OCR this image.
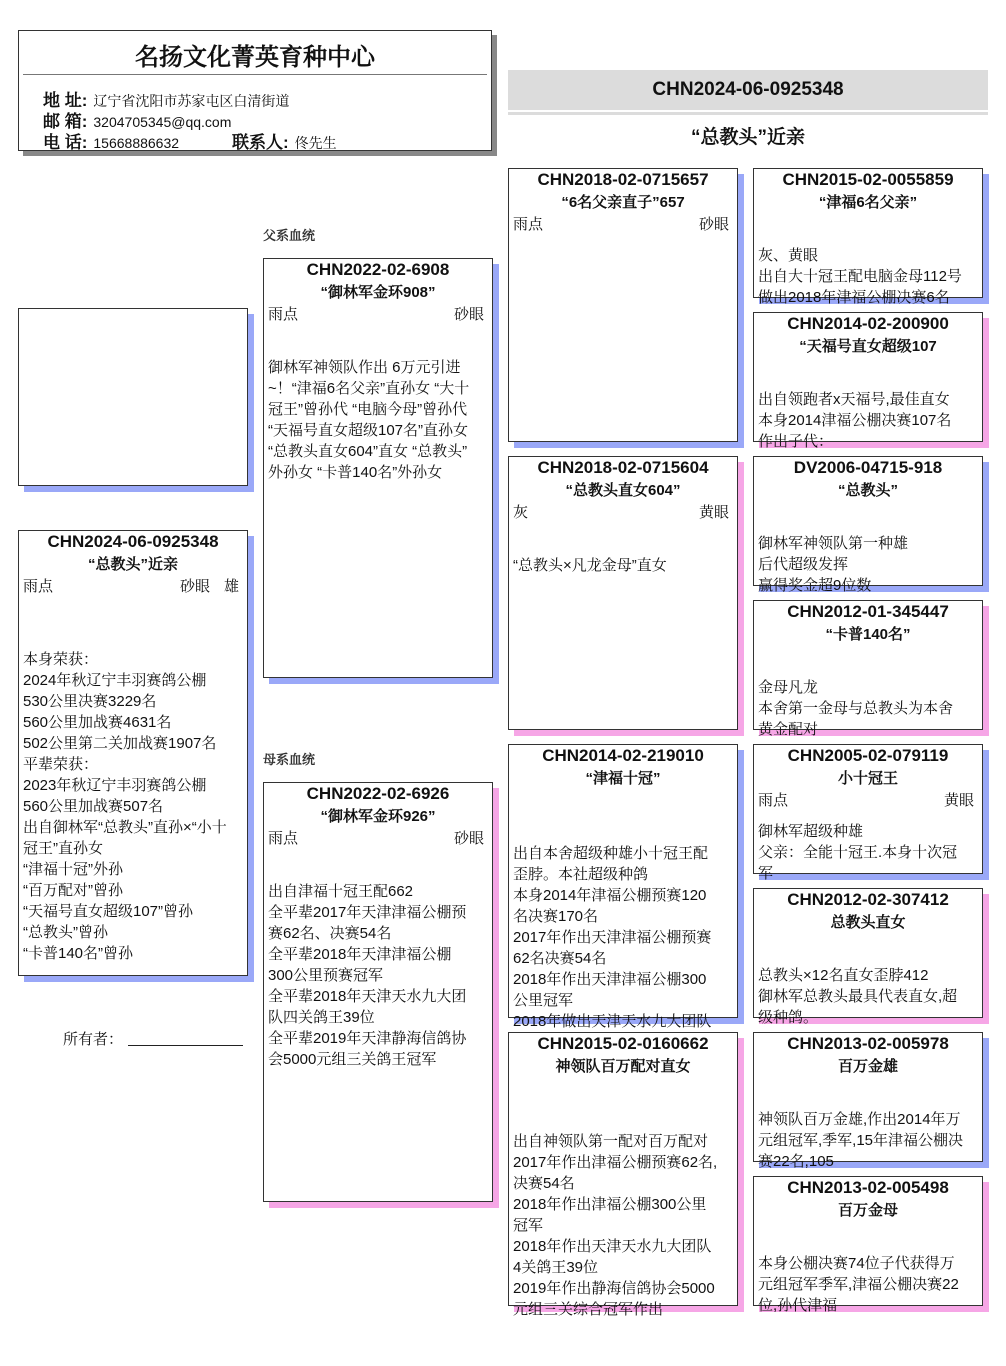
名扬文化菁英育种中心
地 址: 辽宁省沈阳市苏家屯区白清街道
邮 箱: 3204705345@qq.com
电 话: 15668886632	联系人: 佟先生
CHN2024-06-0925348
“总教头”近亲
父系血统
母系血统
所有者：
CHN2024-06-0925348
“总教头”近亲
雨点	砂眼 雄
本身荣获：
2024年秋辽宁丰羽赛鸽公棚
530公里决赛3229名
560公里加战赛4631名
502公里第二关加战赛1907名
平辈荣获：
2023年秋辽宁丰羽赛鸽公棚
560公里加战赛507名
出自御林军“总教头”直孙×“小十
冠王”直孙女
“津福十冠”外孙
“百万配对”曾孙
“天福号直女超级107”曾孙
“总教头”曾孙
“卡普140名”曾孙
CHN2022-02-6908
“御林军金环908”
雨点	砂眼
御林军神领队作出 6万元引进
~！“津福6名父亲”直孙女 “大十
冠王”曾孙代 “电脑今母”曾孙代
“天福号直女超级107名”直孙女
“总教头直女604”直女 “总教头”
外孙女 “卡普140名”外孙女
CHN2022-02-6926
“御林军金环926”
雨点	砂眼
出自津福十冠王配662
全平辈2017年天津津福公棚预
赛62名、决赛54名
全平辈2018年天津津福公棚
300公里预赛冠军
全平辈2018年天津天水九大团
队四关鸽王39位
全平辈2019年天津静海信鸽协
会5000元组三关鸽王冠军
CHN2018-02-0715657
“6名父亲直子”657
雨点	砂眼
CHN2018-02-0715604
“总教头直女604”
灰	黄眼
“总教头×凡龙金母”直女
CHN2014-02-219010
“津福十冠”
出自本舍超级种雄小十冠王配
歪脖。本社超级种鸽
本身2014年津福公棚预赛120
名决赛170名
2017年作出天津津福公棚预赛
62名决赛54名
2018年作出天津津福公棚300
公里冠军
2018年做出天津天水九大团队
CHN2015-02-0160662
神领队百万配对直女
出自神领队第一配对百万配对
2017年作出津福公棚预赛62名,
决赛54名
2018年作出津福公棚300公里
冠军
2018年作出天津天水九大团队
4关鸽王39位
2019年作出静海信鸽协会5000
元组三关综合冠军作出
CHN2015-02-0055859
“津福6名父亲”
灰、黄眼
出自大十冠王配电脑金母112号
做出2018年津福公棚决赛6名
CHN2014-02-200900
“天福号直女超级107
出自领跑者x天福号,最佳直女
本身2014津福公棚决赛107名
作出子代：
DV2006-04715-918
“总教头”
御林军神领队第一种雄
后代超级发挥
赢得奖金超9位数
CHN2012-01-345447
“卡普140名”
金母凡龙
本舍第一金母与总教头为本舍
黄金配对
CHN2005-02-079119
小十冠王
雨点	黄眼
御林军超级种雄
父亲：全能十冠王.本身十次冠
军
CHN2012-02-307412
总教头直女
总教头×12名直女歪脖412
御林军总教头最具代表直女,超
级种鸽。
CHN2013-02-005978
百万金雄
神领队百万金雄,作出2014年万
元组冠军,季军,15年津福公棚决
赛22名,105
CHN2013-02-005498
百万金母
本身公棚决赛74位子代获得万
元组冠军季军,津福公棚决赛22
位,孙代津福
